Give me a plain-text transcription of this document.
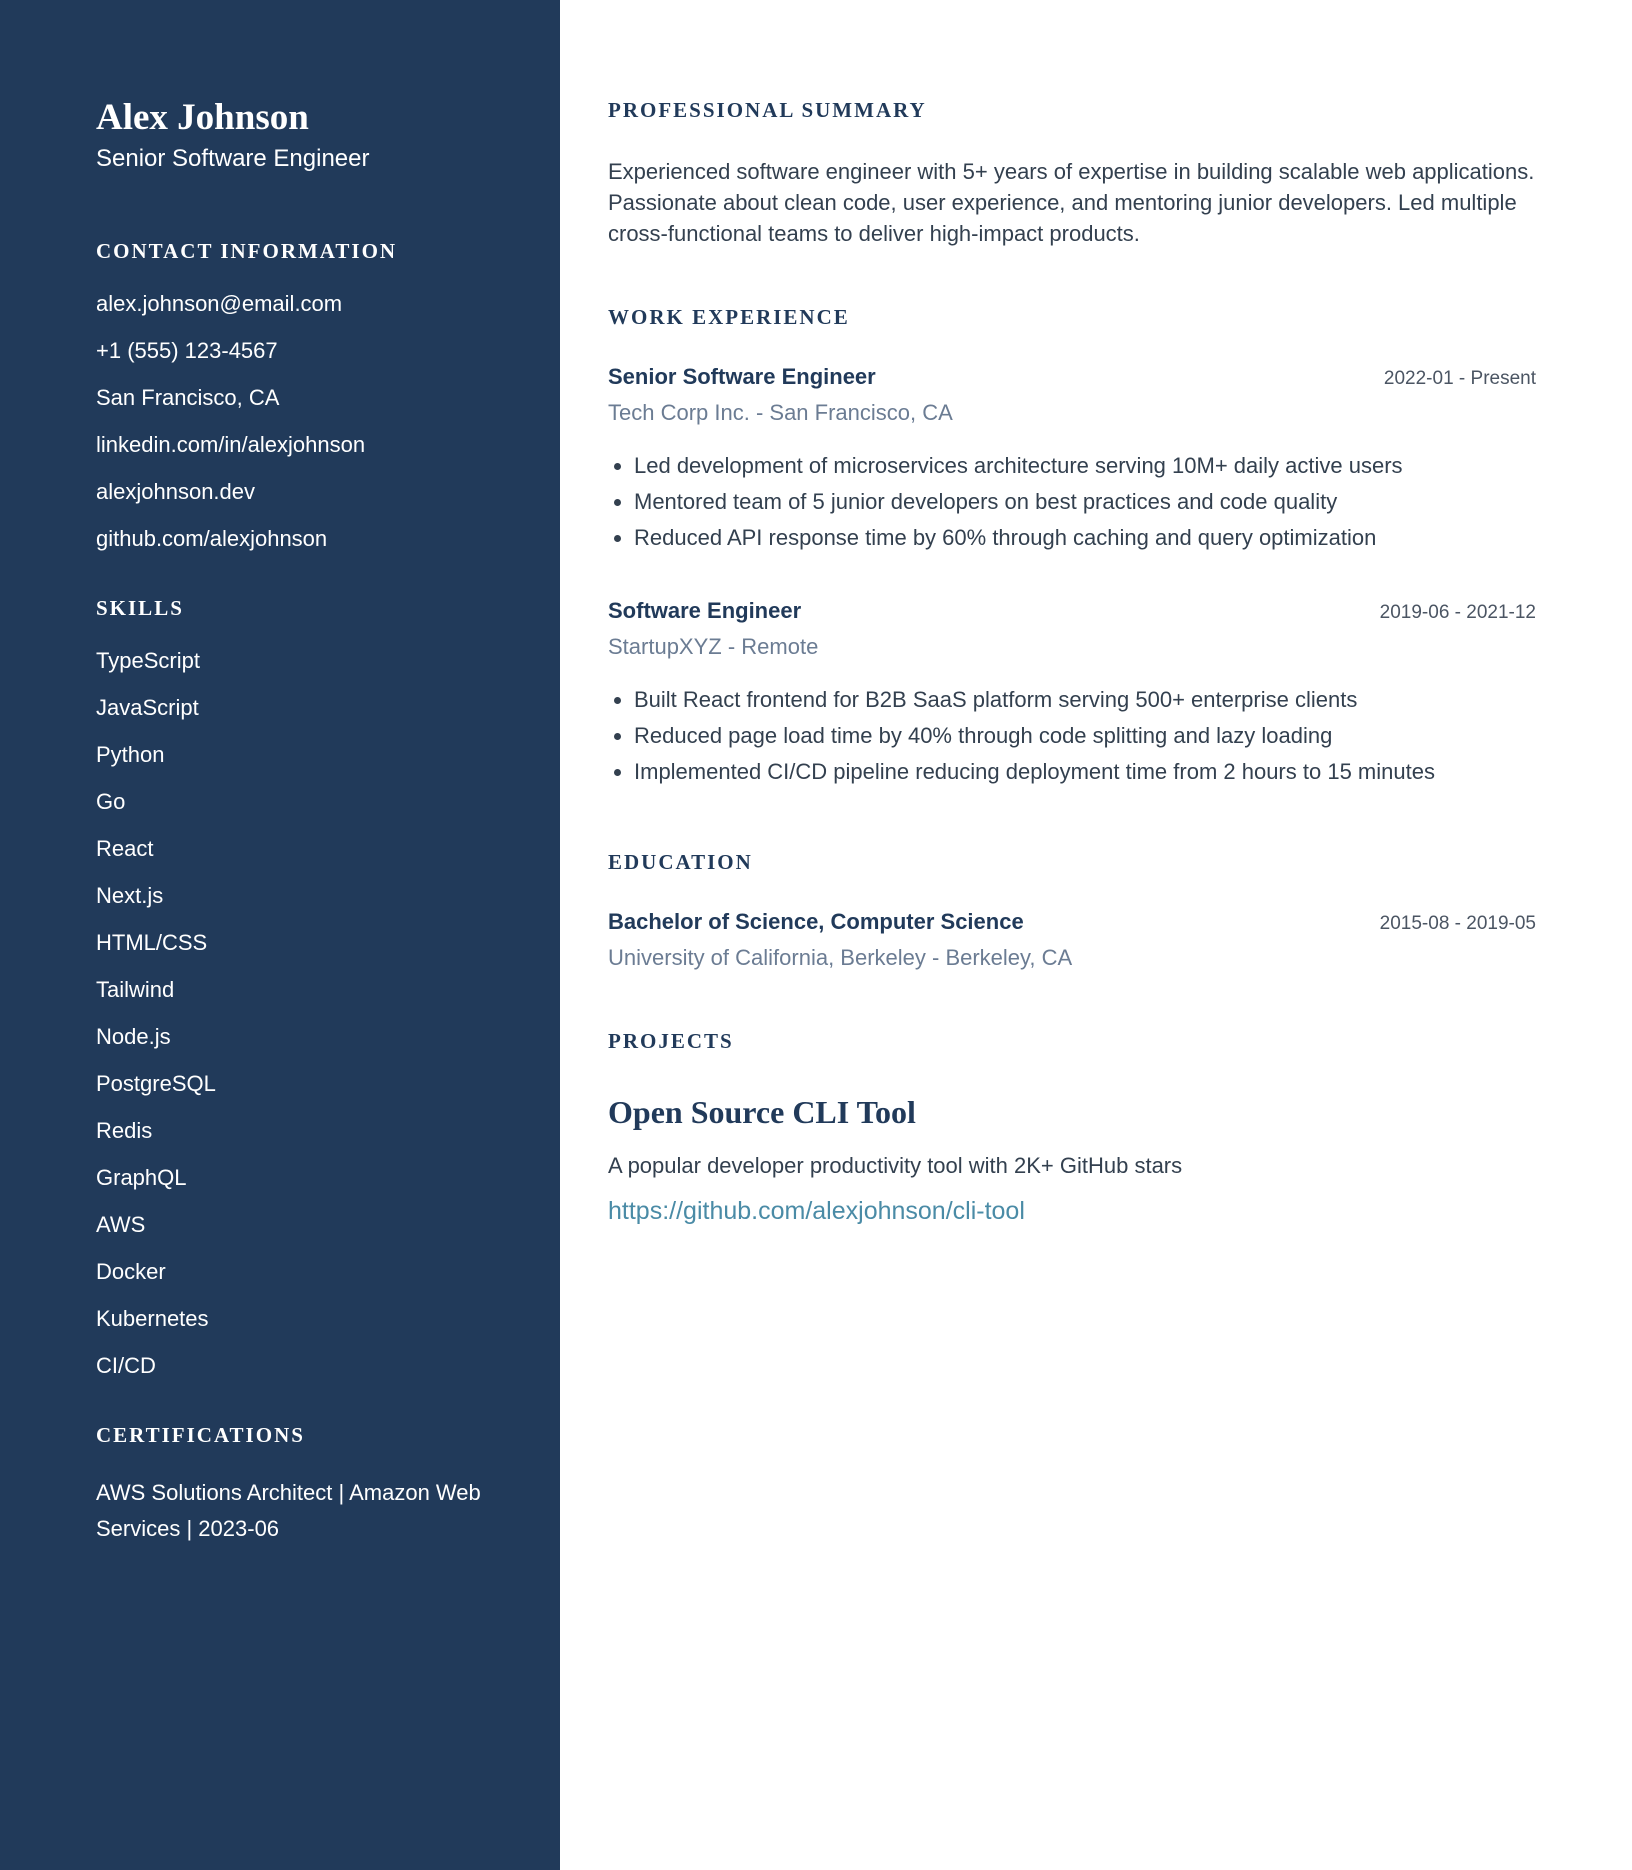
Alex Johnson
Senior Software Engineer
CONTACT INFORMATION
alex.johnson@email.com
+1 (555) 123-4567
San Francisco, CA
linkedin.com/in/alexjohnson
alexjohnson.dev
github.com/alexjohnson
SKILLS
TypeScript
JavaScript
Python
Go
React
Next.js
HTML/CSS
Tailwind
Node.js
PostgreSQL
Redis
GraphQL
AWS
Docker
Kubernetes
CI/CD
CERTIFICATIONS
AWS Solutions Architect | Amazon Web Services | 2023-06
PROFESSIONAL SUMMARY

Experienced software engineer with 5+ years of expertise in building scalable web applications. Passionate about clean code, user experience, and mentoring junior developers. Led multiple cross-functional teams to deliver high-impact products.

WORK EXPERIENCE
Senior Software Engineer	2022-01 - Present
Tech Corp Inc. - San Francisco, CA
• Led development of microservices architecture serving 10M+ daily active users
• Mentored team of 5 junior developers on best practices and code quality
• Reduced API response time by 60% through caching and query optimization
Software Engineer	2019-06 - 2021-12
StartupXYZ - Remote
• Built React frontend for B2B SaaS platform serving 500+ enterprise clients
• Reduced page load time by 40% through code splitting and lazy loading
• Implemented CI/CD pipeline reducing deployment time from 2 hours to 15 minutes
EDUCATION
Bachelor of Science, Computer Science	2015-08 - 2019-05
University of California, Berkeley - Berkeley, CA
PROJECTS
Open Source CLI Tool
A popular developer productivity tool with 2K+ GitHub stars
https://github.com/alexjohnson/cli-tool
